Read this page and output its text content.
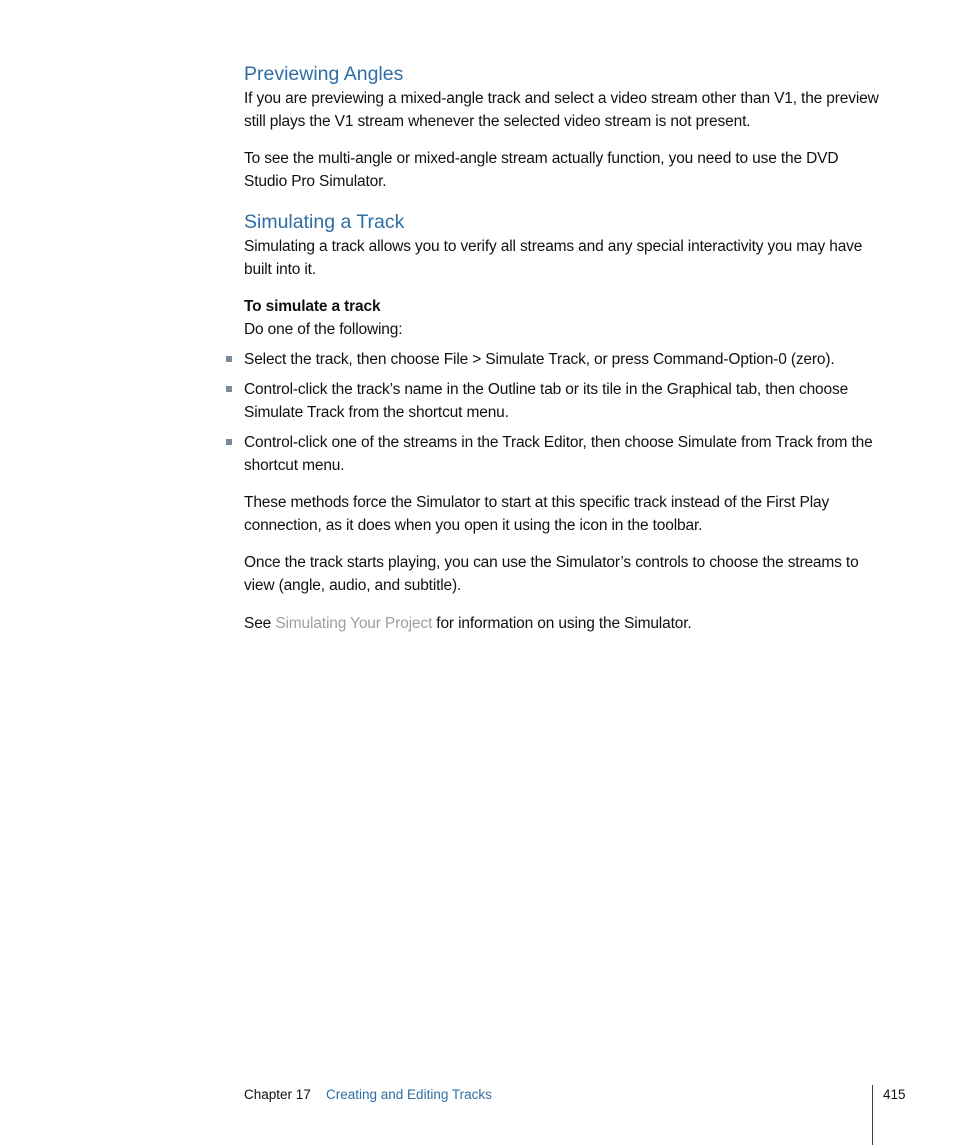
Previewing Angles
If you are previewing a mixed-angle track and select a video stream other than V1, the preview still plays the V1 stream whenever the selected video stream is not present.
To see the multi-angle or mixed-angle stream actually function, you need to use the DVD Studio Pro Simulator.
Simulating a Track
Simulating a track allows you to verify all streams and any special interactivity you may have built into it.
To simulate a track
Do one of the following:
Select the track, then choose File > Simulate Track, or press Command-Option-0 (zero).
Control-click the track’s name in the Outline tab or its tile in the Graphical tab, then choose Simulate Track from the shortcut menu.
Control-click one of the streams in the Track Editor, then choose Simulate from Track from the shortcut menu.
These methods force the Simulator to start at this specific track instead of the First Play connection, as it does when you open it using the icon in the toolbar.
Once the track starts playing, you can use the Simulator’s controls to choose the streams to view (angle, audio, and subtitle).
See Simulating Your Project for information on using the Simulator.
Chapter 17 Creating and Editing Tracks	415
